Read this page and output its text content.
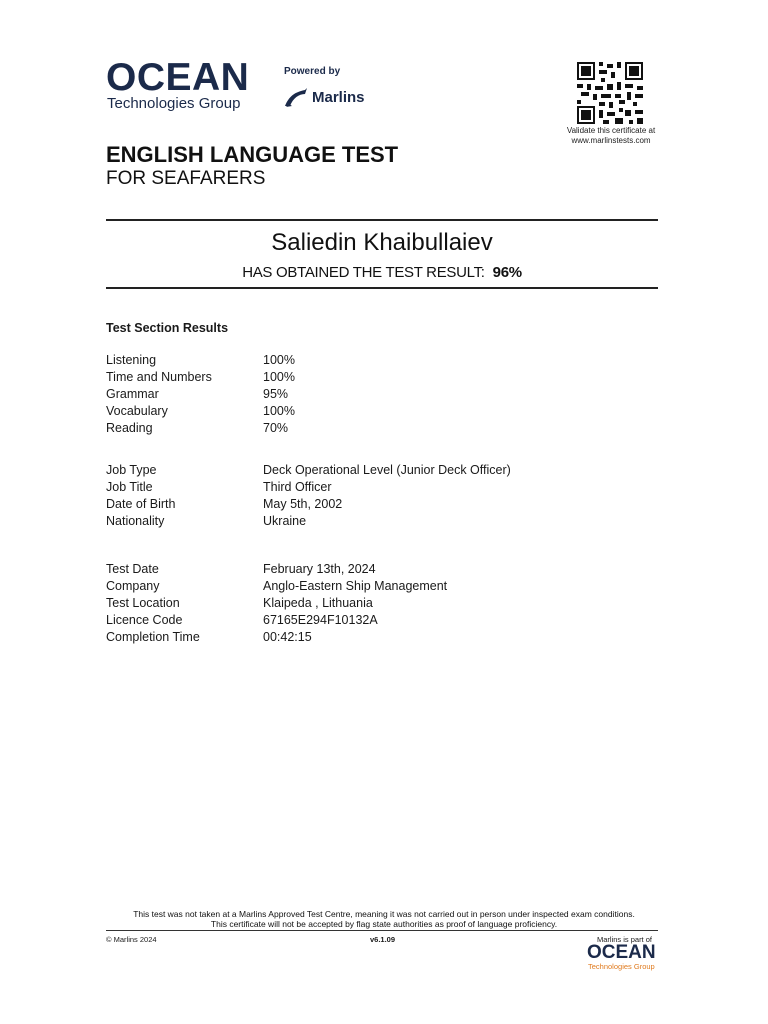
OCEAN
Technologies Group
Powered by
Marlins
Validate this certificate at
www.marlinstests.com
ENGLISH LANGUAGE TEST
FOR SEAFARERS
Saliedin Khaibullaiev
HAS OBTAINED THE TEST RESULT: 96%
Test Section Results
Listening	100%
Time and Numbers	100%
Grammar	95%
Vocabulary	100%
Reading	70%
Job Type	Deck Operational Level (Junior Deck Officer)
Job Title	Third Officer
Date of Birth	May 5th, 2002
Nationality	Ukraine
Test Date	February 13th, 2024
Company	Anglo-Eastern Ship Management
Test Location	Klaipeda , Lithuania
Licence Code	67165E294F10132A
Completion Time	00:42:15
This test was not taken at a Marlins Approved Test Centre, meaning it was not carried out in person under inspected exam conditions.
This certificate will not be accepted by flag state authorities as proof of language proficiency.
© Marlins 2024	v6.1.09	Marlins is part of
OCEAN
Technologies Group
